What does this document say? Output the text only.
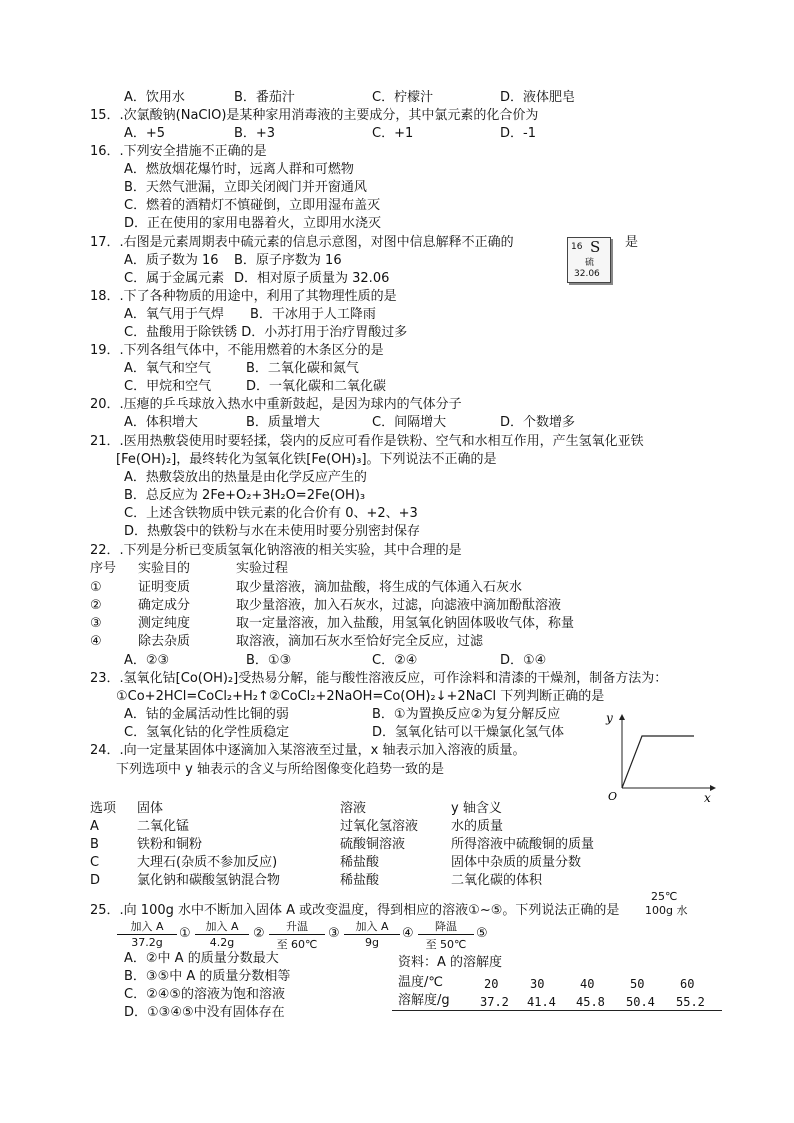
A．饮用水	B．番茄汁	C．柠檬汁	D．液体肥皂
15．.次氯酸钠(NaClO)是某种家用消毒液的主要成分，其中氯元素的化合价为
A．+5	B．+3	C．+1	D．-1
16．.下列安全措施不正确的是
A．燃放烟花爆竹时，远离人群和可燃物
B．天然气泄漏，立即关闭阀门并开窗通风
C．燃着的酒精灯不慎碰倒，立即用湿布盖灭
D．正在使用的家用电器着火，立即用水浇灭
17．.右图是元素周期表中硫元素的信息示意图，对图中信息解释不正确的	16 S
硫
32.06
是
A．质子数为 16 B．原子序数为 16
C．属于金属元素 D．相对原子质量为 32.06
18．.下了各种物质的用途中，利用了其物理性质的是
A．氧气用于气焊 B．干冰用于人工降雨
C．盐酸用于除铁锈 D．小苏打用于治疗胃酸过多
19．.下列各组气体中，不能用燃着的木条区分的是
A．氧气和空气	B．二氧化碳和氮气
C．甲烷和空气	D．一氧化碳和二氧化碳
20．.压瘪的乒乓球放入热水中重新鼓起，是因为球内的气体分子
A．体积增大	B．质量增大	C．间隔增大	D．个数增多
21．.医用热敷袋使用时要轻揉，袋内的反应可看作是铁粉、空气和水相互作用，产生氢氧化亚铁
[Fe(OH)₂]，最终转化为氢氧化铁[Fe(OH)₃]。下列说法不正确的是
A．热敷袋放出的热量是由化学反应产生的
B．总反应为 2Fe+O₂+3H₂O=2Fe(OH)₃
C．上述含铁物质中铁元素的化合价有 0、+2、+3
D．热敷袋中的铁粉与水在未使用时要分别密封保存
22．.下列是分析已变质氢氧化钠溶液的相关实验，其中合理的是
序号 实验目的	实验过程
①	证明变质	取少量溶液，滴加盐酸，将生成的气体通入石灰水
②	确定成分	取少量溶液，加入石灰水，过滤，向滤液中滴加酚酞溶液
③	测定纯度	取一定量溶液，加入盐酸，用氢氧化钠固体吸收气体，称量
④	除去杂质	取溶液，滴加石灰水至恰好完全反应，过滤
A．②③	B．①③	C．②④	D．①④
23．.氢氧化钴[Co(OH)₂]受热易分解，能与酸性溶液反应，可作涂料和清漆的干燥剂，制备方法为：
①Co+2HCl=CoCl₂+H₂↑②CoCl₂+2NaOH=Co(OH)₂↓+2NaCl 下列判断正确的是
A．钴的金属活动性比铜的弱	B．①为置换反应②为复分解反应
C．氢氧化钴的化学性质稳定	D．氢氧化钴可以干燥氯化氢气体
24．.向一定量某固体中逐滴加入某溶液至过量，x 轴表示加入溶液的质量。
下列选项中 y 轴表示的含义与所给图像变化趋势一致的是
y
x
O
选项 固体	溶液	y 轴含义
A	二氧化锰	过氧化氢溶液	水的质量
B	铁粉和铜粉	硫酸铜溶液	所得溶液中硫酸铜的质量
C	大理石(杂质不参加反应)	稀盐酸	固体中杂质的质量分数
D	氯化钠和碳酸氢钠混合物	稀盐酸	二氧化碳的体积
25．.向 100g 水中不断加入固体 A 或改变温度，得到相应的溶液①~⑤。下列说法正确的是
25℃
100g 水
加入 A
37.2g
①	加入 A
4.2g
②	升温
至 60℃
③	加入 A
9g
④	降温
至 50℃
⑤
A．②中 A 的质量分数最大
B．③⑤中 A 的质量分数相等
C．②④⑤的溶液为饱和溶液
D．①③④⑤中没有固体存在
资料：A 的溶解度
温度/℃	20	30	40	50	60
溶解度/g	37.2 41.4 45.8 50.4 55.2
